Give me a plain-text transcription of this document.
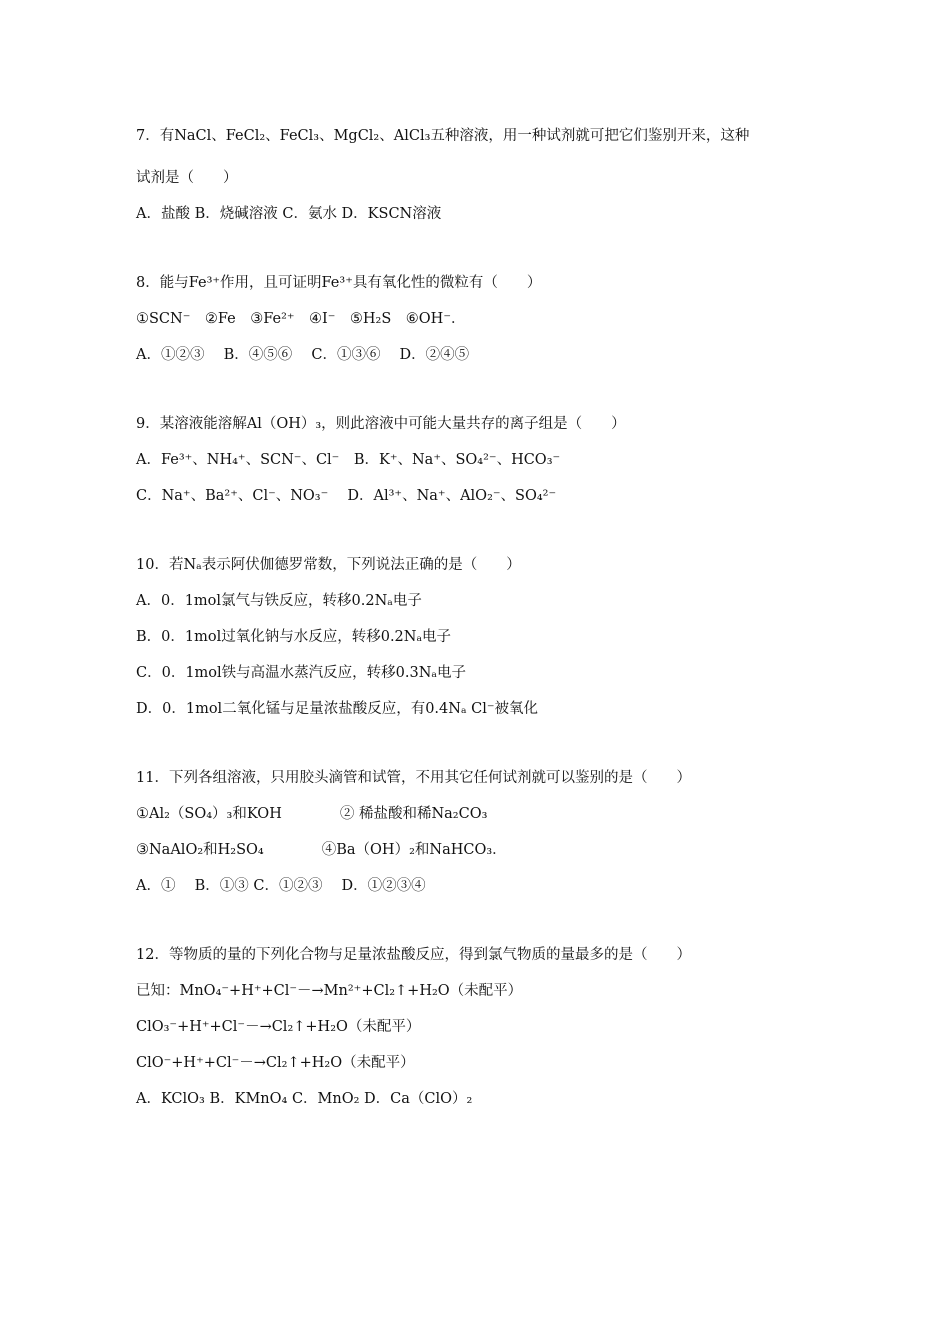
7．有NaCl、FeCl₂、FeCl₃、MgCl₂、AlCl₃五种溶液，用一种试剂就可把它们鉴别开来，这种
试剂是（　　）
A．盐酸 B．烧碱溶液 C．氨水 D．KSCN溶液
8．能与Fe³⁺作用，且可证明Fe³⁺具有氧化性的微粒有（　　）
①SCN⁻　②Fe　③Fe²⁺　④I⁻　⑤H₂S　⑥OH⁻．
A．①②③　 B．④⑤⑥　 C．①③⑥　 D．②④⑤
9．某溶液能溶解Al（OH）₃，则此溶液中可能大量共存的离子组是（　　）
A．Fe³⁺、NH₄⁺、SCN⁻、Cl⁻　B．K⁺、Na⁺、SO₄²⁻、HCO₃⁻
C．Na⁺、Ba²⁺、Cl⁻、NO₃⁻　 D．Al³⁺、Na⁺、AlO₂⁻、SO₄²⁻
10．若Nₐ表示阿伏伽德罗常数，下列说法正确的是（　　）
A．0．1mol氯气与铁反应，转移0.2Nₐ电子
B．0．1mol过氧化钠与水反应，转移0.2Nₐ电子
C．0．1mol铁与高温水蒸汽反应，转移0.3Nₐ电子
D．0．1mol二氧化锰与足量浓盐酸反应，有0.4Nₐ Cl⁻被氧化
11．下列各组溶液，只用胶头滴管和试管，不用其它任何试剂就可以鉴别的是（　　）
①Al₂（SO₄）₃和KOH　　　　② 稀盐酸和稀Na₂CO₃
③NaAlO₂和H₂SO₄　　　　④Ba（OH）₂和NaHCO₃．
A．①　 B．①③ C．①②③　 D．①②③④
12．等物质的量的下列化合物与足量浓盐酸反应，得到氯气物质的量最多的是（　　）
已知：MnO₄⁻+H⁺+Cl⁻－→Mn²⁺+Cl₂↑+H₂O（未配平）
ClO₃⁻+H⁺+Cl⁻－→Cl₂↑+H₂O（未配平）
ClO⁻+H⁺+Cl⁻－→Cl₂↑+H₂O（未配平）
A．KClO₃ B．KMnO₄ C．MnO₂ D．Ca（ClO）₂
